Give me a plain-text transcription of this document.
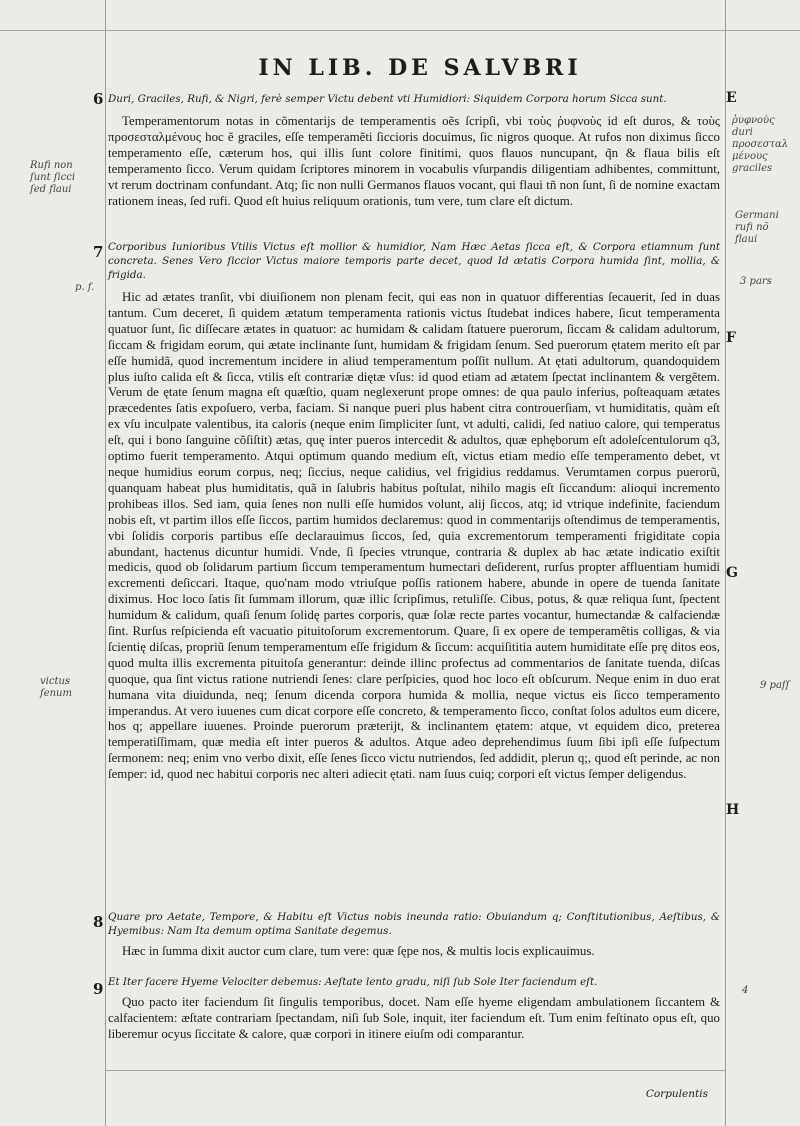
IN LIB. DE SALVBRI
6	E
Duri, Graciles, Rufi, & Nigri, ferè semper Victu debent vti Humidiori: Siquidem Corpora horum Sicca sunt.

Temperamentorum notas in cõmentarijs de temperamentis oẽs ſcripſi, vbi τοὺς ῥυφνοὺς id eſt duros, & τοὺς προσεσταλμένους hoc ẽ graciles, eſſe temperamẽti ſiccioris docuimus, ſic nigros quoque. At rufos non diximus ſicco temperamento eſſe, cæterum hos, qui illis ſunt colore finitimi, quos flauos nuncupant, q̃n & flaua bilis eſt temperamento ſicco. Verum quidam ſcriptores minorem in vocabulis vſurpandis diligentiam adhibentes, committunt, vt rerum doctrinam confundant. Atq; ſic non nulli Germanos flauos vocant, qui flaui tñ non ſunt, ſi de nomine exactam rationem ineas, ſed rufi. Quod eſt huius reliquum orationis, tum vere, tum clare eſt dictum.

7
F
G
H
Corporibus Iunioribus Vtilis Victus eſt mollior & humidior, Nam Hæc Aetas ſicca eſt, & Corpora etiamnum ſunt concreta. Senes Vero ſiccior Victus maiore temporis parte decet, quod Id ætatis Corpora humida ſint, mollia, & frigida.

Hic ad ætates tranſit, vbi diuiſionem non plenam fecit, qui eas non in quatuor differentias ſecauerit, ſed in duas tantum. Cum deceret, ſi quidem ætatum temperamenta rationis victus ſtudebat indices habere, ſicut temperamenta quatuor ſunt, ſic diſſecare ætates in quatuor: ac humidam & calidam ſtatuere puerorum, ſiccam & calidam adultorum, ſiccam & frigidam eorum, qui ætate inclinante ſunt, humidam & frigidam ſenum. Sed puerorum ętatem merito eſt par eſſe humidã, quod incrementum incidere in aliud temperamentum poſſit nullum. At ętati adultorum, quandoquidem plus iuſto calida eſt & ſicca, vtilis eſt contrariæ diętæ vſus: id quod etiam ad ætatem ſpectat inclinantem & vergẽtem. Verum de ętate ſenum magna eſt quæſtio, quam neglexerunt prope omnes: de qua paulo inferius, poſteaquam ætates præcedentes ſatis expoſuero, verba, faciam. Si nanque pueri plus habent citra controuerſiam, vt humiditatis, quàm eſt ex vſu inculpate valentibus, ita caloris (neque enim ſimpliciter ſunt, vt adulti, calidi, ſed natiuo calore, qui temperatus eſt, qui i bono ſanguine cõſiſtit) ætas, quę inter pueros intercedit & adultos, quæ ephęborum eſt adoleſcentulorum q3, optimo fuerit temperamento. Atqui optimum quando medium eſt, victus etiam medio eſſe temperamento debet, vt neque humidius eorum corpus, neq; ſiccius, neque calidius, vel frigidius reddamus. Verumtamen corpus puerorũ, quanquam habeat plus humiditatis, quã in ſalubris habitus poſtulat, nihilo magis eſt ſiccandum: alioqui incremento prohibeas illos. Sed iam, quia ſenes non nulli eſſe humidos volunt, alij ſiccos, atq; id vtrique indefinite, faciendum nobis eſt, vt partim illos eſſe ſiccos, partim humidos declaremus: quod in commentarijs oſtendimus de temperamentis, vbi ſolidis corporis partibus eſſe declarauimus ſiccos, ſed, quia excrementorum temperamenti frigiditate copia abundant, hactenus dicuntur humidi. Vnde, ſi ſpecies vtrunque, contraria & duplex ab hac ætate indicatio exiſtit medicis, quod ob ſolidarum partium ſiccum temperamentum humectari deſiderent, rurſus propter affluentiam humidi excrementi deſiccari. Itaque, quo'nam modo vtriuſque poſſis rationem habere, abunde in opere de tuenda ſanitate diximus. Hoc loco ſatis ſit ſummam illorum, quæ illic ſcripſimus, retuliſſe. Cibus, potus, & quæ reliqua ſunt, ſpectent humidum & calidum, quaſi ſenum ſolidę partes corporis, quæ ſolæ recte partes vocantur, humectandæ & calfaciendæ ſint. Rurſus reſpicienda eſt vacuatio pituitoſorum excrementorum. Quare, ſi ex opere de temperamẽtis colligas, & via ſcientię diſcas, propriũ ſenum temperamentum eſſe frigidum & ſiccum: acquiſititia autem humiditate eſſe prę ditos eos, quod multa illis excrementa pituitoſa generantur: deinde illinc profectus ad commentarios de ſanitate tuenda, diſcas quoque, qua ſint victus ratione nutriendi ſenes: clare perſpicies, quod hoc loco eſt obſcurum. Neque enim in duo erat humana vita diuidunda, neq; ſenum dicenda corpora humida & mollia, neque victus eis ſicco temperamento imperandus. At vero iuuenes cum dicat corpore eſſe concreto, & temperamento ſicco, conſtat ſolos adultos eum dicere, hos q; appellare iuuenes. Proinde puerorum præterijt, & inclinantem ętatem: atque, vt equidem dico, preterea temperatiſſimam, quæ media eſt inter pueros & adultos. Atque adeo deprehendimus ſuum ſibi ipſi eſſe ſuſpectum ſermonem: neq; enim vno verbo dixit, eſſe ſenes ſicco victu nutriendos, ſed addidit, plerun q;, quod eſt perinde, ac non ſemper: id, quod nec habitui corporis nec alteri adiecit ętati. nam ſuus cuiq; corpori eſt victus ſemper deligendus.

8 Quare pro Aetate, Tempore, & Habitu eſt Victus nobis ineunda ratio: Obuiandum q; Conſtitutionibus, Aeſtibus, & Hyemibus: Nam Ita demum optima Sanitate degemus.

Hæc in ſumma dixit auctor cum clare, tum vere: quæ ſępe nos, & multis locis explicauimus.

9 Et Iter facere Hyeme Velociter debemus: Aeſtate lento gradu, niſi ſub Sole Iter faciendum eſt.

Quo pacto iter faciendum ſit ſingulis temporibus, docet. Nam eſſe hyeme eligendam ambulationem ſiccantem & calfacientem: æſtate contrariam ſpectandam, niſi ſub Sole, inquit, iter faciendum eſt. Tum enim feſtinato opus eſt, quo liberemur ocyus ſiccitate & calore, quæ corpori in itinere eiuſm odi comparantur.

Rufi non
ſunt ſicci
ſed flaui
p. f.
victus
ſenum
ῥυφνοὺς
duri
προσεσταλ
μένους
graciles
Germani
rufi nõ
flaui
3 pars
9 paſſ
4
Corpulentis
